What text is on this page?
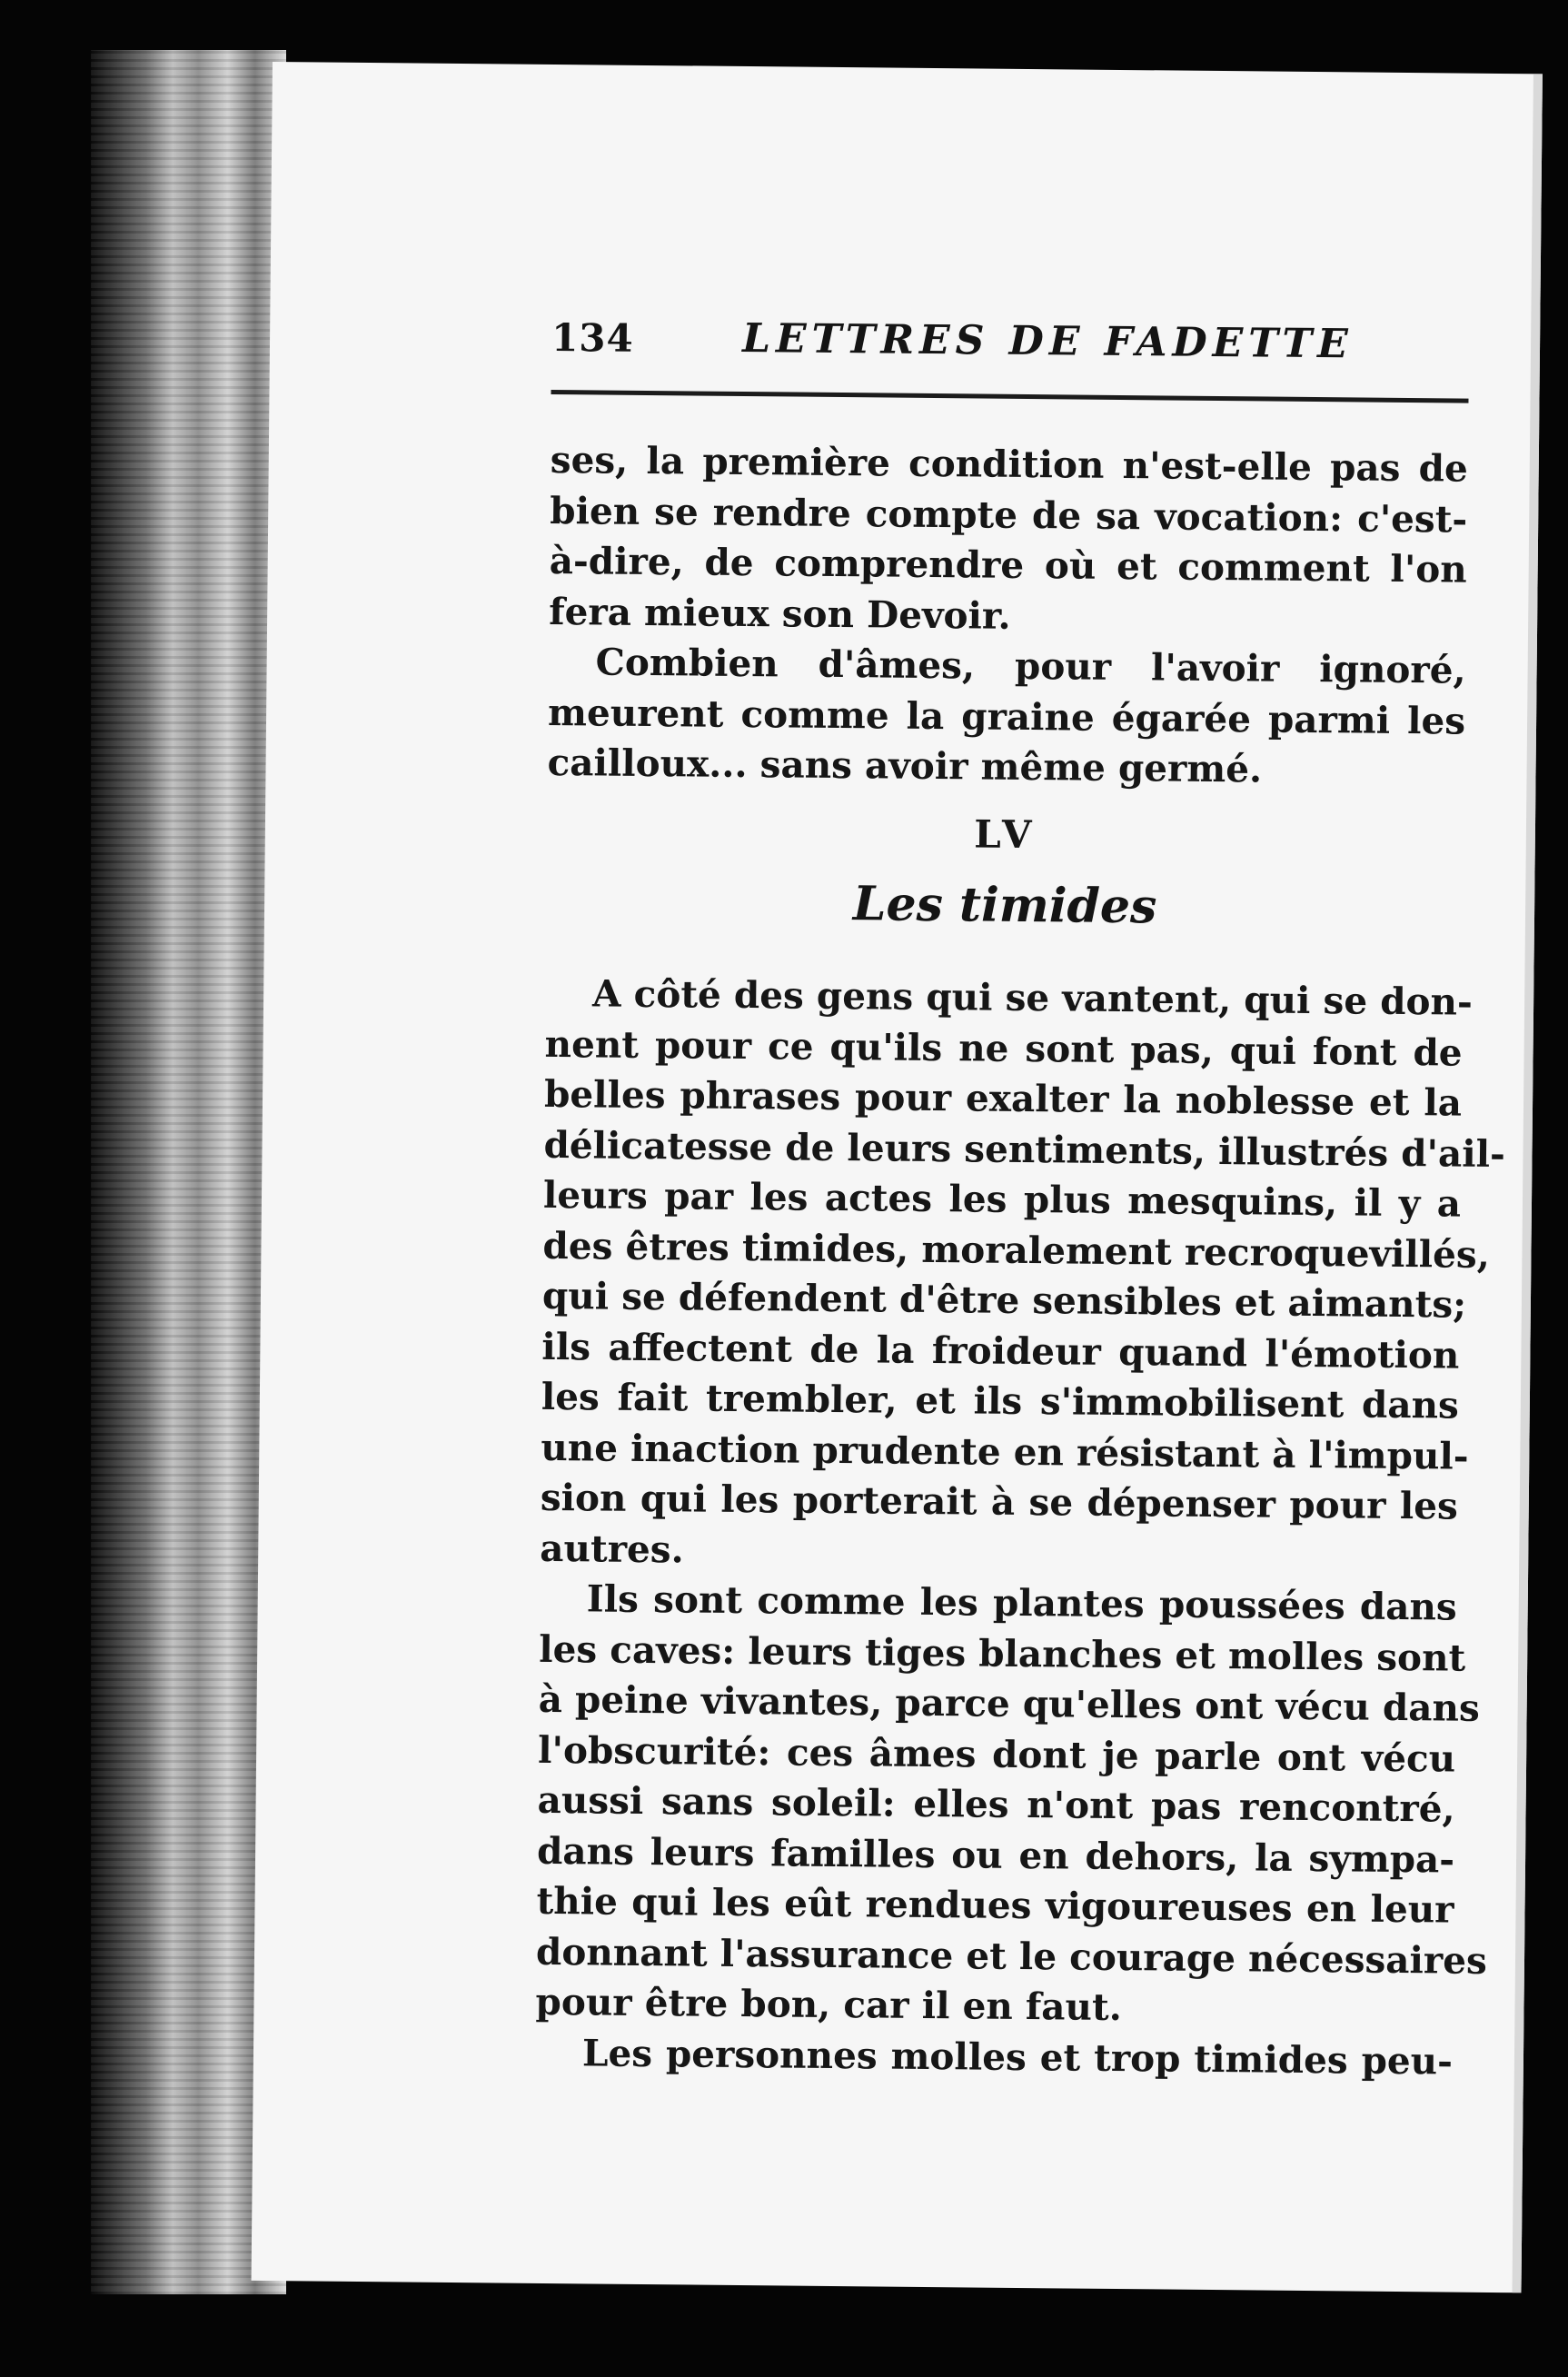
134	LETTRES DE FADETTE
ses, la première condition n'est-elle pas de
bien se rendre compte de sa vocation: c'est-
à-dire, de comprendre où et comment l'on
fera mieux son Devoir.
Combien d'âmes, pour l'avoir ignoré,
meurent comme la graine égarée parmi les
cailloux... sans avoir même germé.
LV
Les timides
A côté des gens qui se vantent, qui se don-
nent pour ce qu'ils ne sont pas, qui font de
belles phrases pour exalter la noblesse et la
délicatesse de leurs sentiments, illustrés d'ail-
leurs par les actes les plus mesquins, il y a
des êtres timides, moralement recroquevillés,
qui se défendent d'être sensibles et aimants;
ils affectent de la froideur quand l'émotion
les fait trembler, et ils s'immobilisent dans
une inaction prudente en résistant à l'impul-
sion qui les porterait à se dépenser pour les
autres.
Ils sont comme les plantes poussées dans
les caves: leurs tiges blanches et molles sont
à peine vivantes, parce qu'elles ont vécu dans
l'obscurité: ces âmes dont je parle ont vécu
aussi sans soleil: elles n'ont pas rencontré,
dans leurs familles ou en dehors, la sympa-
thie qui les eût rendues vigoureuses en leur
donnant l'assurance et le courage nécessaires
pour être bon, car il en faut.
Les personnes molles et trop timides peu-
